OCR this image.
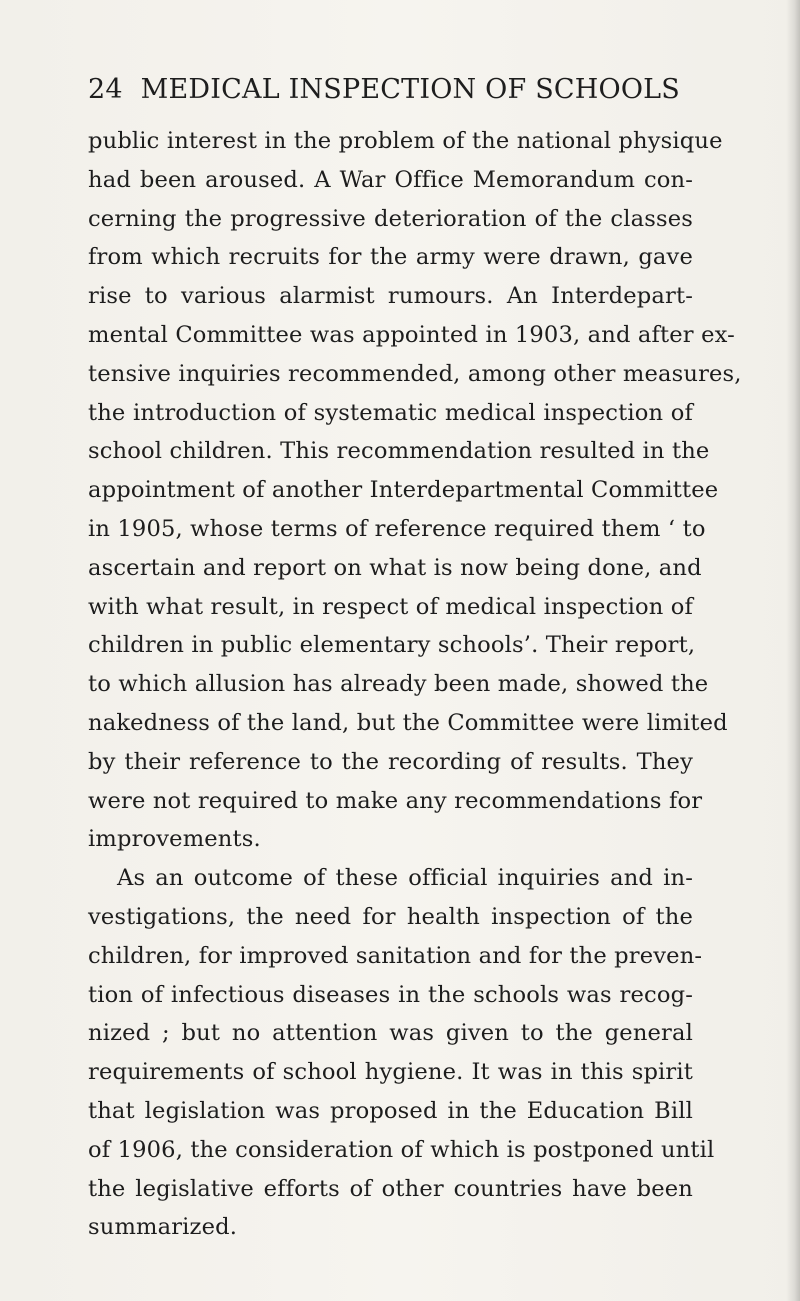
24 MEDICAL INSPECTION OF SCHOOLS
public interest in the problem of the national physique
had been aroused. A War Office Memorandum con-
cerning the progressive deterioration of the classes
from which recruits for the army were drawn, gave
rise to various alarmist rumours. An Interdepart-
mental Committee was appointed in 1903, and after ex-
tensive inquiries recommended, among other measures,
the introduction of systematic medical inspection of
school children. This recommendation resulted in the
appointment of another Interdepartmental Committee
in 1905, whose terms of reference required them ‘ to
ascertain and report on what is now being done, and
with what result, in respect of medical inspection of
children in public elementary schools’. Their report,
to which allusion has already been made, showed the
nakedness of the land, but the Committee were limited
by their reference to the recording of results. They
were not required to make any recommendations for
improvements.
As an outcome of these official inquiries and in-
vestigations, the need for health inspection of the
children, for improved sanitation and for the preven-
tion of infectious diseases in the schools was recog-
nized ; but no attention was given to the general
requirements of school hygiene. It was in this spirit
that legislation was proposed in the Education Bill
of 1906, the consideration of which is postponed until
the legislative efforts of other countries have been
summarized.
